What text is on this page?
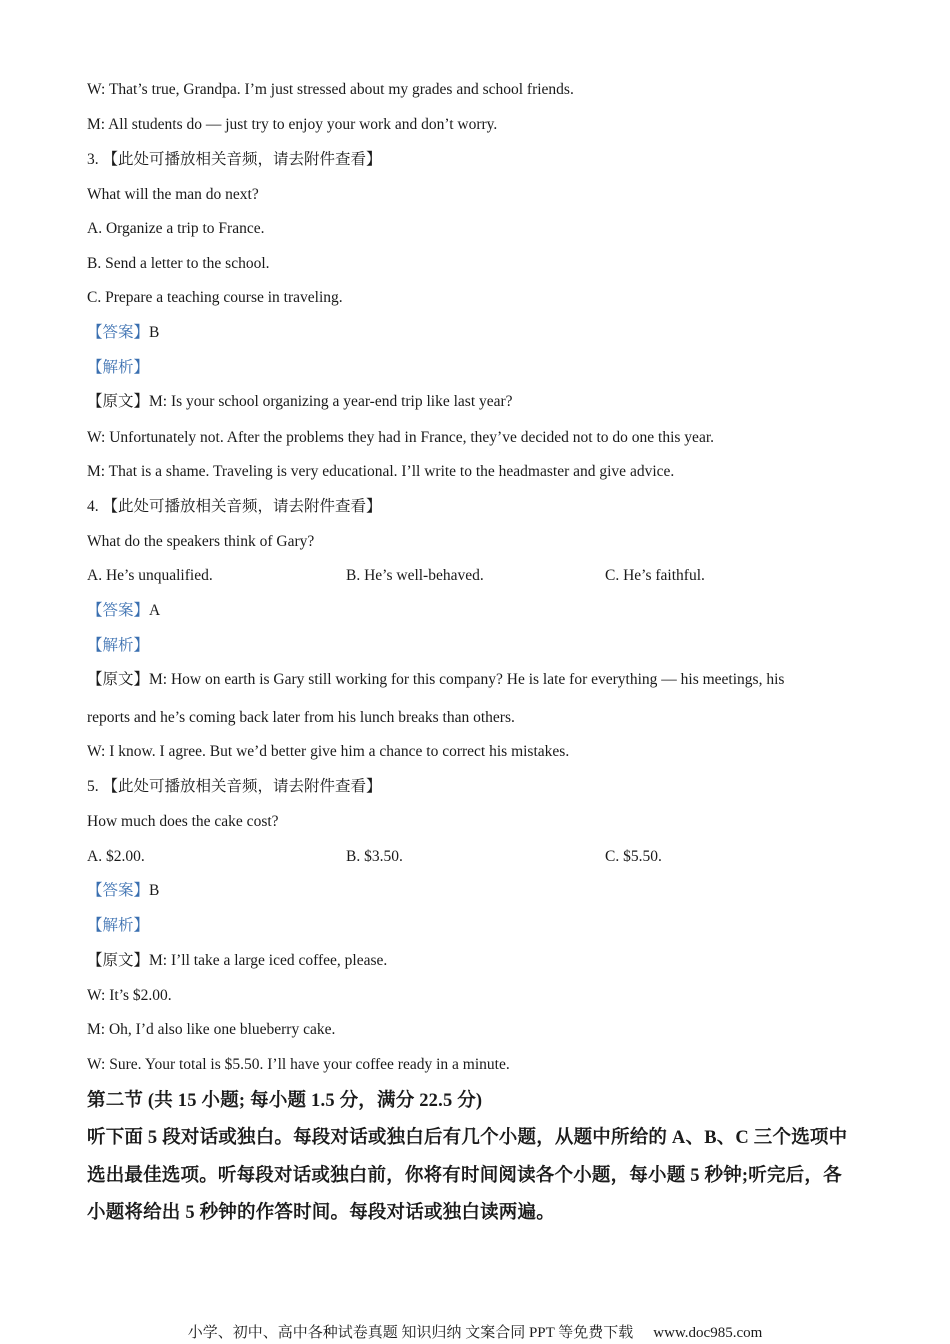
W: That’s true, Grandpa. I’m just stressed about my grades and school friends.
M: All students do — just try to enjoy your work and don’t worry.
3. 【此处可播放相关音频，请去附件查看】
What will the man do next?
A. Organize a trip to France.
B. Send a letter to the school.
C. Prepare a teaching course in traveling.
【答案】B
【解析】
【原文】M: Is your school organizing a year-end trip like last year?
W: Unfortunately not. After the problems they had in France, they’ve decided not to do one this year.
M: That is a shame. Traveling is very educational. I’ll write to the headmaster and give advice.
4. 【此处可播放相关音频，请去附件查看】
What do the speakers think of Gary?
A. He’s unqualified.	B. He’s well-behaved.	C. He’s faithful.
【答案】A
【解析】
【原文】M: How on earth is Gary still working for this company? He is late for everything — his meetings, his
reports and he’s coming back later from his lunch breaks than others.
W: I know. I agree. But we’d better give him a chance to correct his mistakes.
5. 【此处可播放相关音频，请去附件查看】
How much does the cake cost?
A. $2.00.	B. $3.50.	C. $5.50.
【答案】B
【解析】
【原文】M: I’ll take a large iced coffee, please.
W: It’s $2.00.
M: Oh, I’d also like one blueberry cake.
W: Sure. Your total is $5.50. I’ll have your coffee ready in a minute.
第二节 (共 15 小题; 每小题 1.5 分，满分 22.5 分)
听下面 5 段对话或独白。每段对话或独白后有几个小题，从题中所给的 A、B、C 三个选项中
选出最佳选项。听每段对话或独白前，你将有时间阅读各个小题，每小题 5 秒钟;听完后，各
小题将给出 5 秒钟的作答时间。每段对话或独白读两遍。
小学、初中、高中各种试卷真题 知识归纳 文案合同 PPT 等免费下载 www.doc985.com
